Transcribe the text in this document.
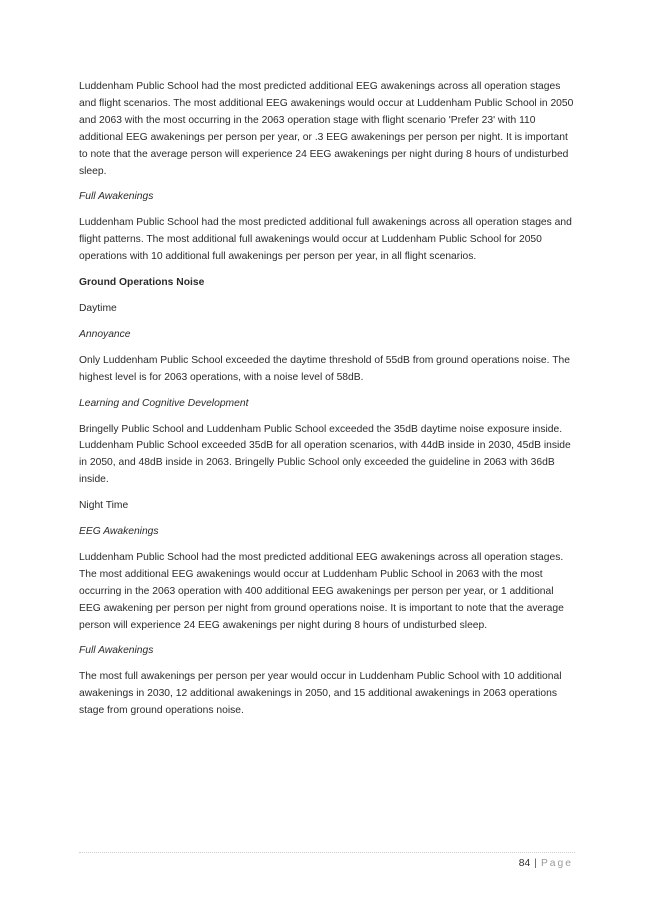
Luddenham Public School had the most predicted additional EEG awakenings across all operation stages and flight scenarios. The most additional EEG awakenings would occur at Luddenham Public School in 2050 and 2063 with the most occurring in the 2063 operation stage with flight scenario 'Prefer 23' with 110 additional EEG awakenings per person per year, or .3 EEG awakenings per person per night. It is important to note that the average person will experience 24 EEG awakenings per night during 8 hours of undisturbed sleep.

Full Awakenings

Luddenham Public School had the most predicted additional full awakenings across all operation stages and flight patterns. The most additional full awakenings would occur at Luddenham Public School for 2050 operations with 10 additional full awakenings per person per year, in all flight scenarios.

Ground Operations Noise

Daytime

Annoyance

Only Luddenham Public School exceeded the daytime threshold of 55dB from ground operations noise. The highest level is for 2063 operations, with a noise level of 58dB.

Learning and Cognitive Development

Bringelly Public School and Luddenham Public School exceeded the 35dB daytime noise exposure inside. Luddenham Public School exceeded 35dB for all operation scenarios, with 44dB inside in 2030, 45dB inside in 2050, and 48dB inside in 2063. Bringelly Public School only exceeded the guideline in 2063 with 36dB inside.

Night Time

EEG Awakenings

Luddenham Public School had the most predicted additional EEG awakenings across all operation stages. The most additional EEG awakenings would occur at Luddenham Public School in 2063 with the most occurring in the 2063 operation with 400 additional EEG awakenings per person per year, or 1 additional EEG awakening per person per night from ground operations noise. It is important to note that the average person will experience 24 EEG awakenings per night during 8 hours of undisturbed sleep.

Full Awakenings

The most full awakenings per person per year would occur in Luddenham Public School with 10 additional awakenings in 2030, 12 additional awakenings in 2050, and 15 additional awakenings in 2063 operations stage from ground operations noise.

84 | Page
